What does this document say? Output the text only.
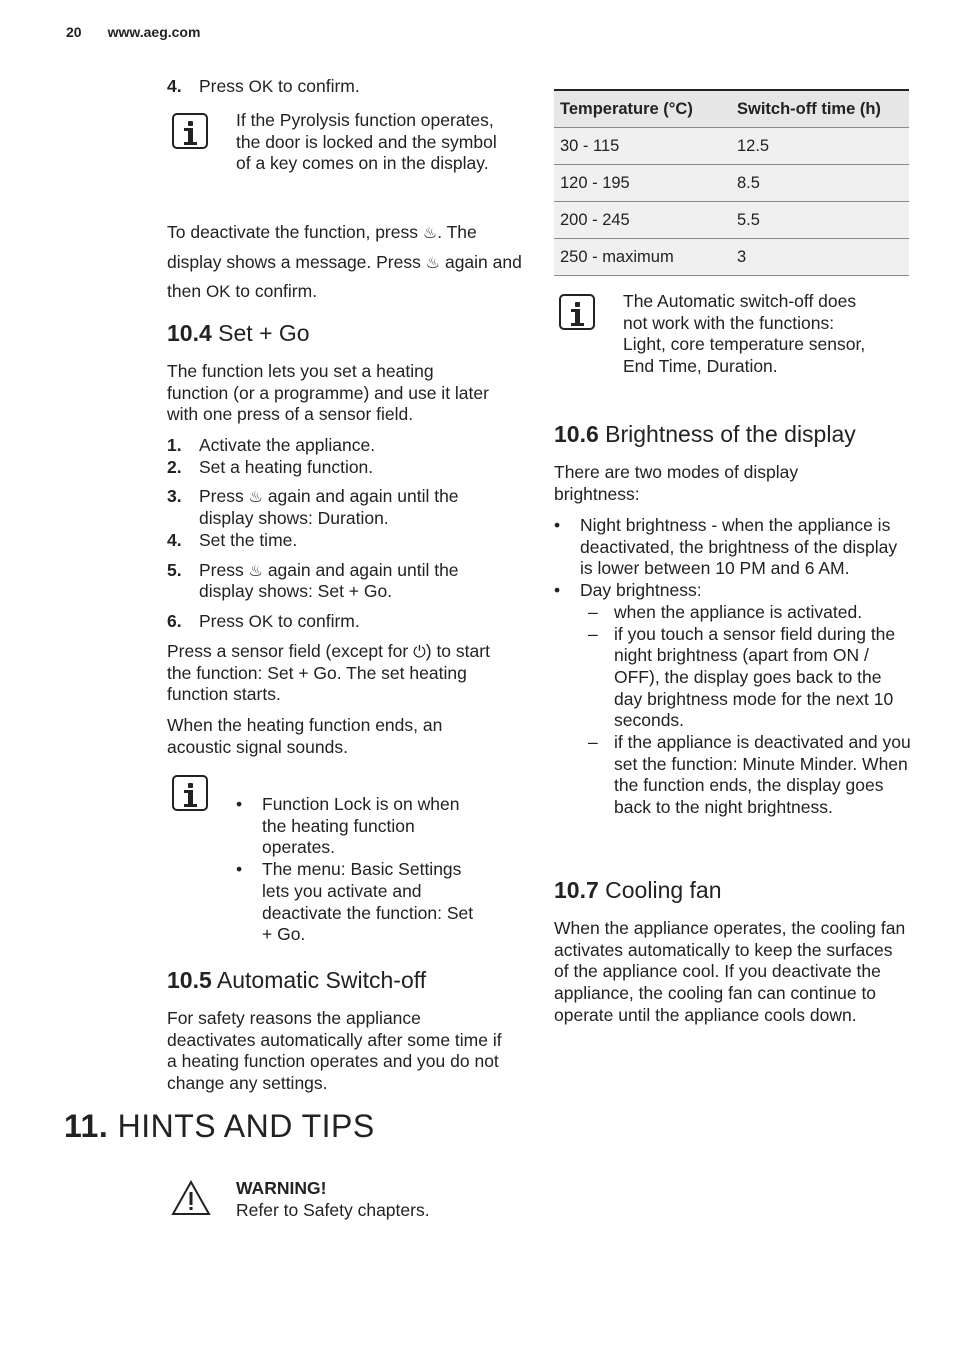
20 www.aeg.com
4. Press OK to confirm.
If the Pyrolysis function operates, the door is locked and the symbol of a key comes on in the display.
To deactivate the function, press ♨. The display shows a message. Press ♨ again and then OK to confirm.
10.4 Set + Go
The function lets you set a heating function (or a programme) and use it later with one press of a sensor field.
1. Activate the appliance.
2. Set a heating function.
3. Press ♨ again and again until the display shows: Duration.
4. Set the time.
5. Press ♨ again and again until the display shows: Set + Go.
6. Press OK to confirm.
Press a sensor field (except for ⏻) to start the function: Set + Go. The set heating function starts.
When the heating function ends, an acoustic signal sounds.
• Function Lock is on when the heating function operates.
• The menu: Basic Settings lets you activate and deactivate the function: Set + Go.
10.5 Automatic Switch-off
For safety reasons the appliance deactivates automatically after some time if a heating function operates and you do not change any settings.
11. HINTS AND TIPS
WARNING!
Refer to Safety chapters.
Temperature (°C)	Switch-off time (h)
30 - 115	12.5
120 - 195	8.5
200 - 245	5.5
250 - maximum	3
The Automatic switch-off does not work with the functions: Light, core temperature sensor, End Time, Duration.
10.6 Brightness of the display
There are two modes of display brightness:
• Night brightness - when the appliance is deactivated, the brightness of the display is lower between 10 PM and 6 AM.
• Day brightness:
– when the appliance is activated.
– if you touch a sensor field during the night brightness (apart from ON / OFF), the display goes back to the day brightness mode for the next 10 seconds.
– if the appliance is deactivated and you set the function: Minute Minder. When the function ends, the display goes back to the night brightness.
10.7 Cooling fan
When the appliance operates, the cooling fan activates automatically to keep the surfaces of the appliance cool. If you deactivate the appliance, the cooling fan can continue to operate until the appliance cools down.
